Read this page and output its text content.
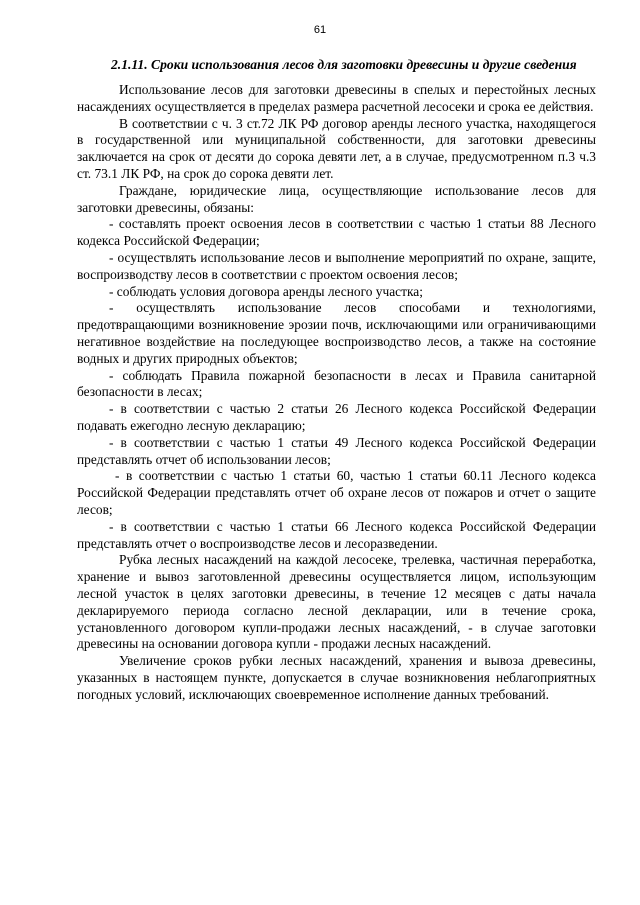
61

2.1.11. Сроки использования лесов для заготовки древесины и другие сведения

Использование лесов для заготовки древесины в спелых и перестойных лесных насаждениях осуществляется в пределах размера расчетной лесосеки и срока ее действия.

В соответствии с ч. 3 ст.72 ЛК РФ договор аренды лесного участка, находящегося в государственной или муниципальной собственности, для заготовки древесины заключается на срок от десяти до сорока девяти лет, а в случае, предусмотренном п.3 ч.3 ст. 73.1 ЛК РФ, на срок до сорока девяти лет.

Граждане, юридические лица, осуществляющие использование лесов для заготовки древесины, обязаны:

- составлять проект освоения лесов в соответствии с частью 1 статьи 88 Лесного кодекса Российской Федерации;

- осуществлять использование лесов и выполнение мероприятий по охране, защите, воспроизводству лесов в соответствии с проектом освоения лесов;

- соблюдать условия договора аренды лесного участка;

- осуществлять использование лесов способами и технологиями, предотвращающими возникновение эрозии почв, исключающими или ограничивающими негативное воздействие на последующее воспроизводство лесов, а также на состояние водных и других природных объектов;

- соблюдать Правила пожарной безопасности в лесах и Правила санитарной безопасности в лесах;

- в соответствии с частью 2 статьи 26 Лесного кодекса Российской Федерации подавать ежегодно лесную декларацию;

- в соответствии с частью 1 статьи 49 Лесного кодекса Российской Федерации представлять отчет об использовании лесов;

- в соответствии с частью 1 статьи 60, частью 1 статьи 60.11 Лесного кодекса Российской Федерации представлять отчет об охране лесов от пожаров и отчет о защите лесов;

- в соответствии с частью 1 статьи 66 Лесного кодекса Российской Федерации представлять отчет о воспроизводстве лесов и лесоразведении.

Рубка лесных насаждений на каждой лесосеке, трелевка, частичная переработка, хранение и вывоз заготовленной древесины осуществляется лицом, использующим лесной участок в целях заготовки древесины, в течение 12 месяцев с даты начала декларируемого периода согласно лесной декларации, или в течение срока, установленного договором купли-продажи лесных насаждений, - в случае заготовки древесины на основании договора купли - продажи лесных насаждений.

Увеличение сроков рубки лесных насаждений, хранения и вывоза древесины, указанных в настоящем пункте, допускается в случае возникновения неблагоприятных погодных условий, исключающих своевременное исполнение данных требований.
